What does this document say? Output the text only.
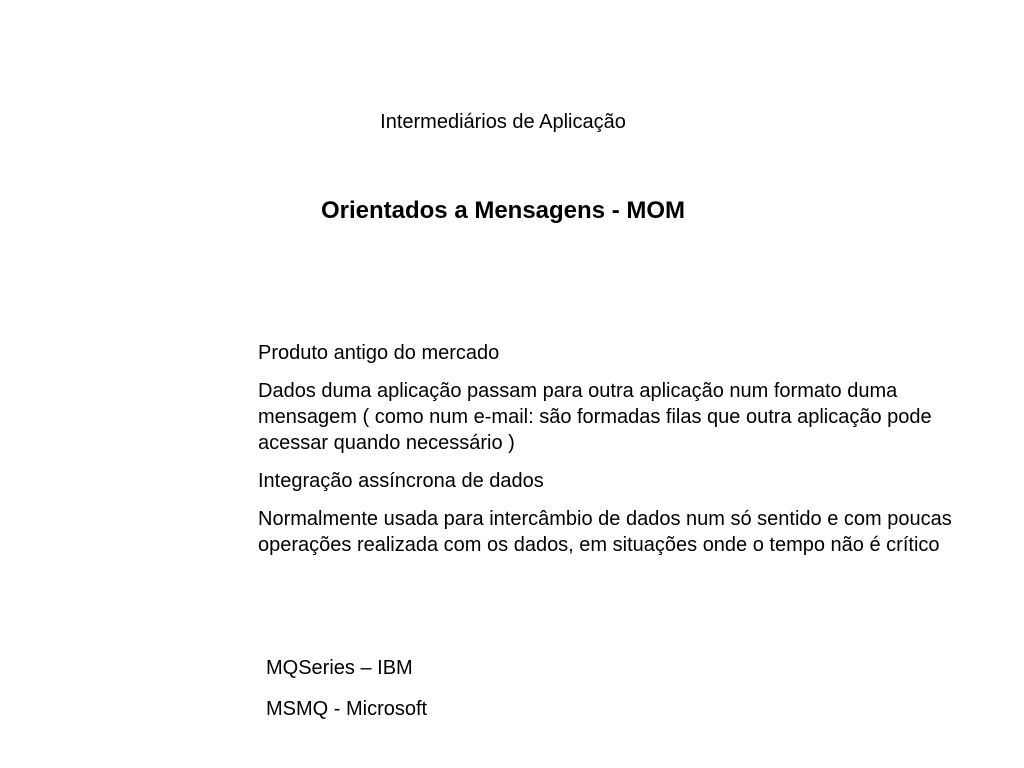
Intermediários de Aplicação
Orientados a Mensagens - MOM
Produto antigo do mercado
Dados duma aplicação passam para outra aplicação num formato duma mensagem ( como num e-mail: são formadas filas que outra aplicação pode acessar quando necessário )
Integração assíncrona de dados
Normalmente usada para intercâmbio de dados num só sentido e com poucas operações realizada com os dados, em situações onde o tempo não é crítico
MQSeries – IBM
MSMQ - Microsoft
